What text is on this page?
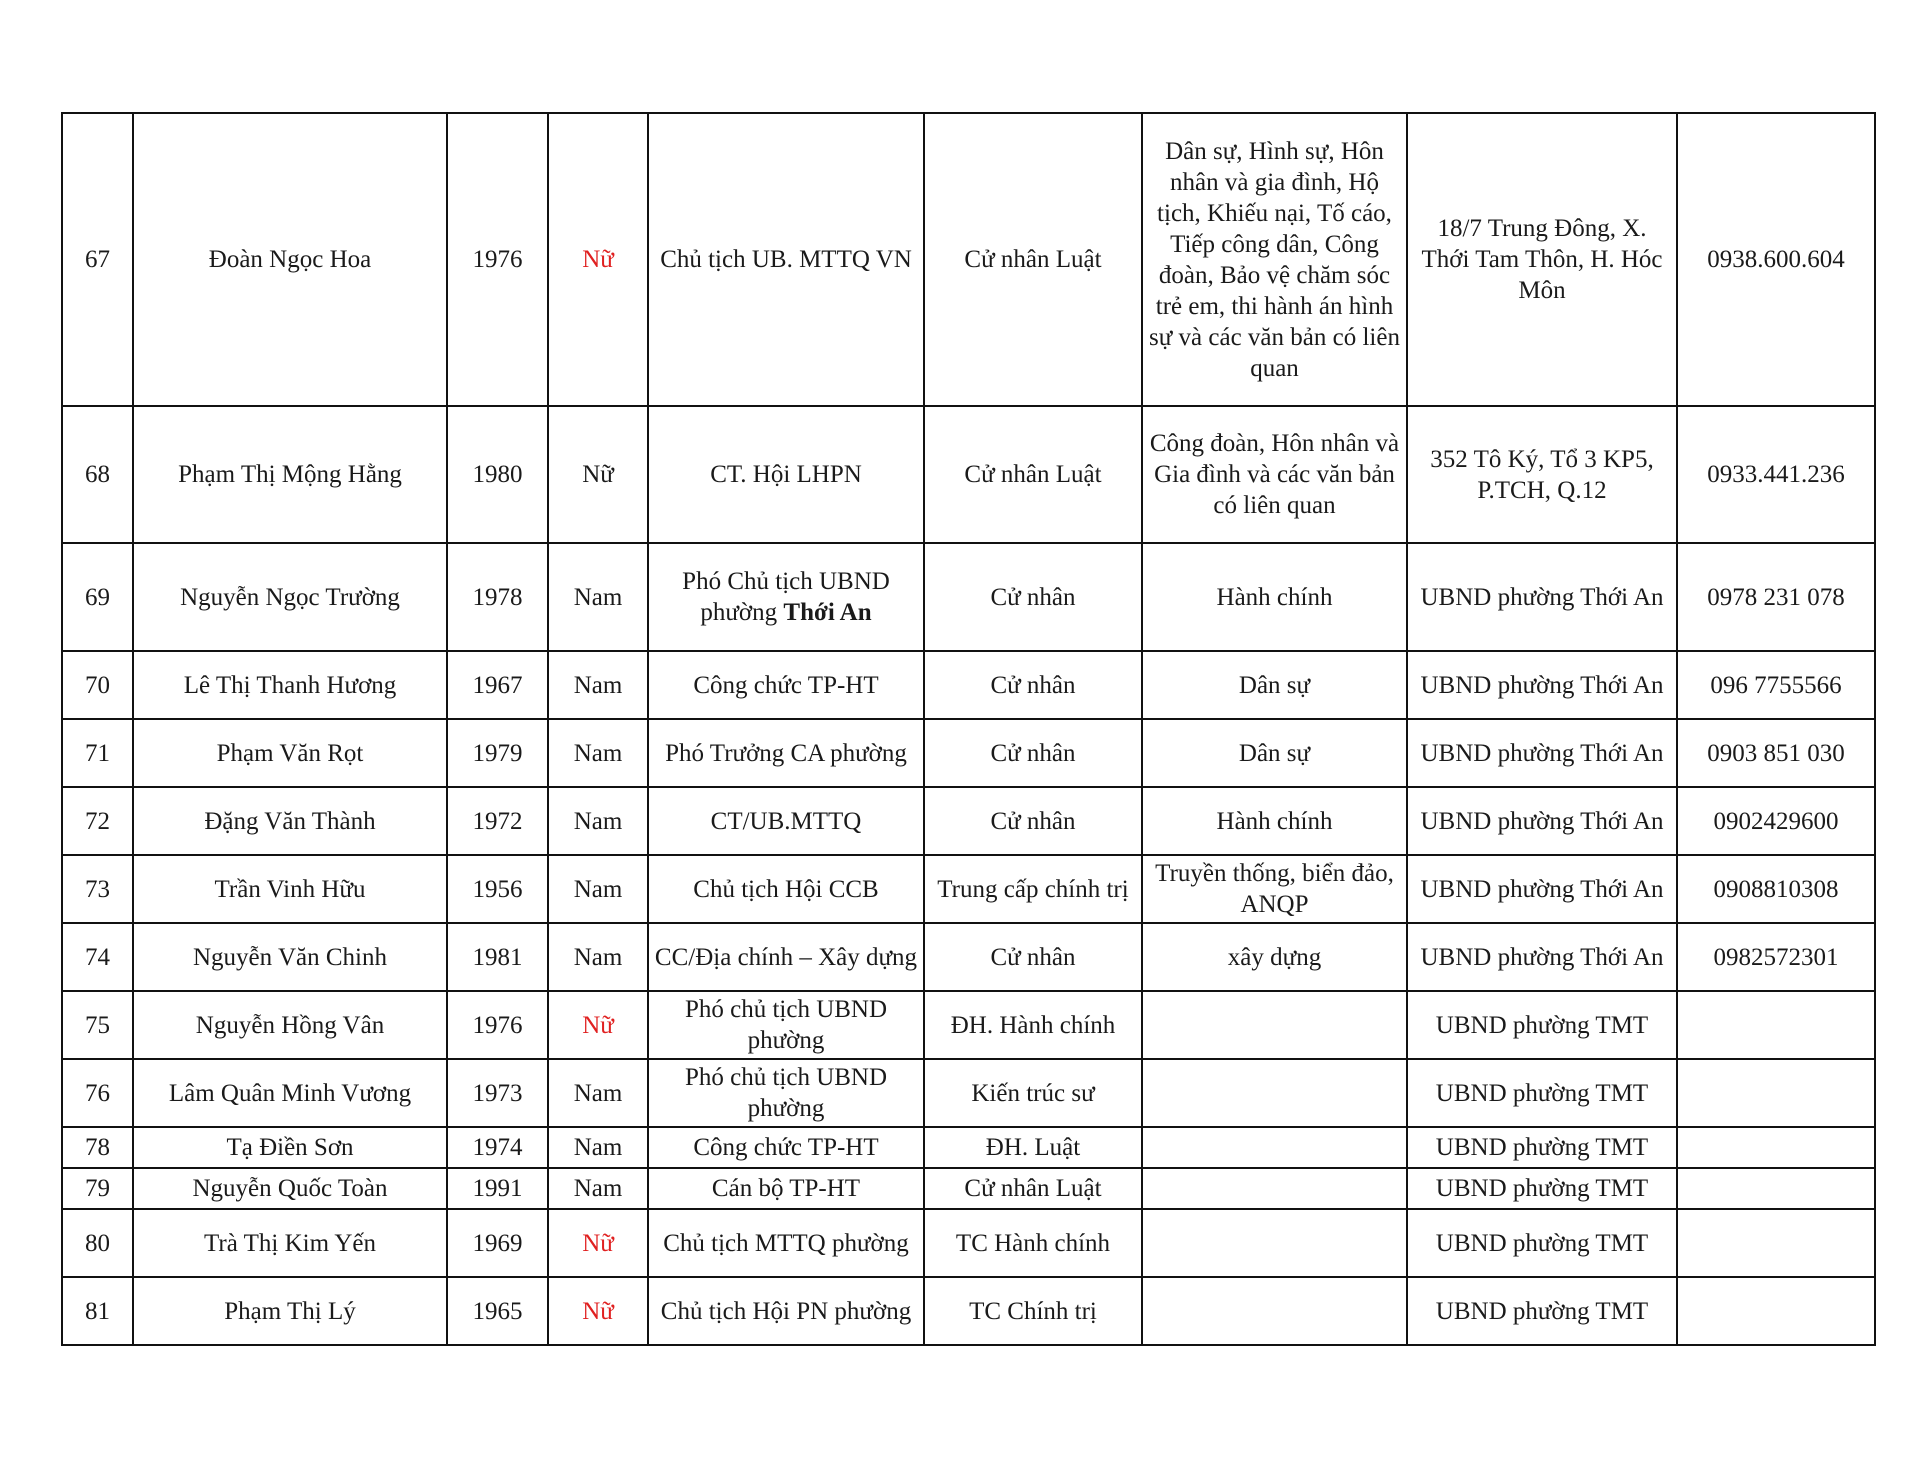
67	Đoàn Ngọc Hoa	1976	Nữ	Chủ tịch UB. MTTQ VN	Cử nhân Luật	Dân sự, Hình sự, Hôn nhân và gia đình, Hộ tịch, Khiếu nại, Tố cáo, Tiếp công dân, Công đoàn, Bảo vệ chăm sóc trẻ em, thi hành án hình sự và các văn bản có liên quan	18/7 Trung Đông, X. Thới Tam Thôn, H. Hóc Môn	0938.600.604
68	Phạm Thị Mộng Hằng	1980	Nữ	CT. Hội LHPN	Cử nhân Luật	Công đoàn, Hôn nhân và Gia đình và các văn bản có liên quan	352 Tô Ký, Tổ 3 KP5, P.TCH, Q.12	0933.441.236
69	Nguyễn Ngọc Trường	1978	Nam	Phó Chủ tịch UBND phường Thới An	Cử nhân	Hành chính	UBND phường Thới An	0978 231 078
70	Lê Thị Thanh Hương	1967	Nam	Công chức TP-HT	Cử nhân	Dân sự	UBND phường Thới An	096 7755566
71	Phạm Văn Rọt	1979	Nam	Phó Trưởng CA phường	Cử nhân	Dân sự	UBND phường Thới An	0903 851 030
72	Đặng Văn Thành	1972	Nam	CT/UB.MTTQ	Cử nhân	Hành chính	UBND phường Thới An	0902429600
73	Trần Vinh Hữu	1956	Nam	Chủ tịch Hội CCB	Trung cấp chính trị	Truyền thống, biển đảo, ANQP	UBND phường Thới An	0908810308
74	Nguyễn Văn Chinh	1981	Nam	CC/Địa chính – Xây dựng	Cử nhân	xây dựng	UBND phường Thới An	0982572301
75	Nguyễn Hồng Vân	1976	Nữ	Phó chủ tịch UBND phường	ĐH. Hành chính		UBND phường TMT	
76	Lâm Quân Minh Vương	1973	Nam	Phó chủ tịch UBND phường	Kiến trúc sư		UBND phường TMT	
78	Tạ Điền Sơn	1974	Nam	Công chức TP-HT	ĐH. Luật		UBND phường TMT	
79	Nguyễn Quốc Toàn	1991	Nam	Cán bộ TP-HT	Cử nhân Luật		UBND phường TMT	
80	Trà Thị Kim Yến	1969	Nữ	Chủ tịch MTTQ phường	TC Hành chính		UBND phường TMT	
81	Phạm Thị Lý	1965	Nữ	Chủ tịch Hội PN phường	TC Chính trị		UBND phường TMT	
